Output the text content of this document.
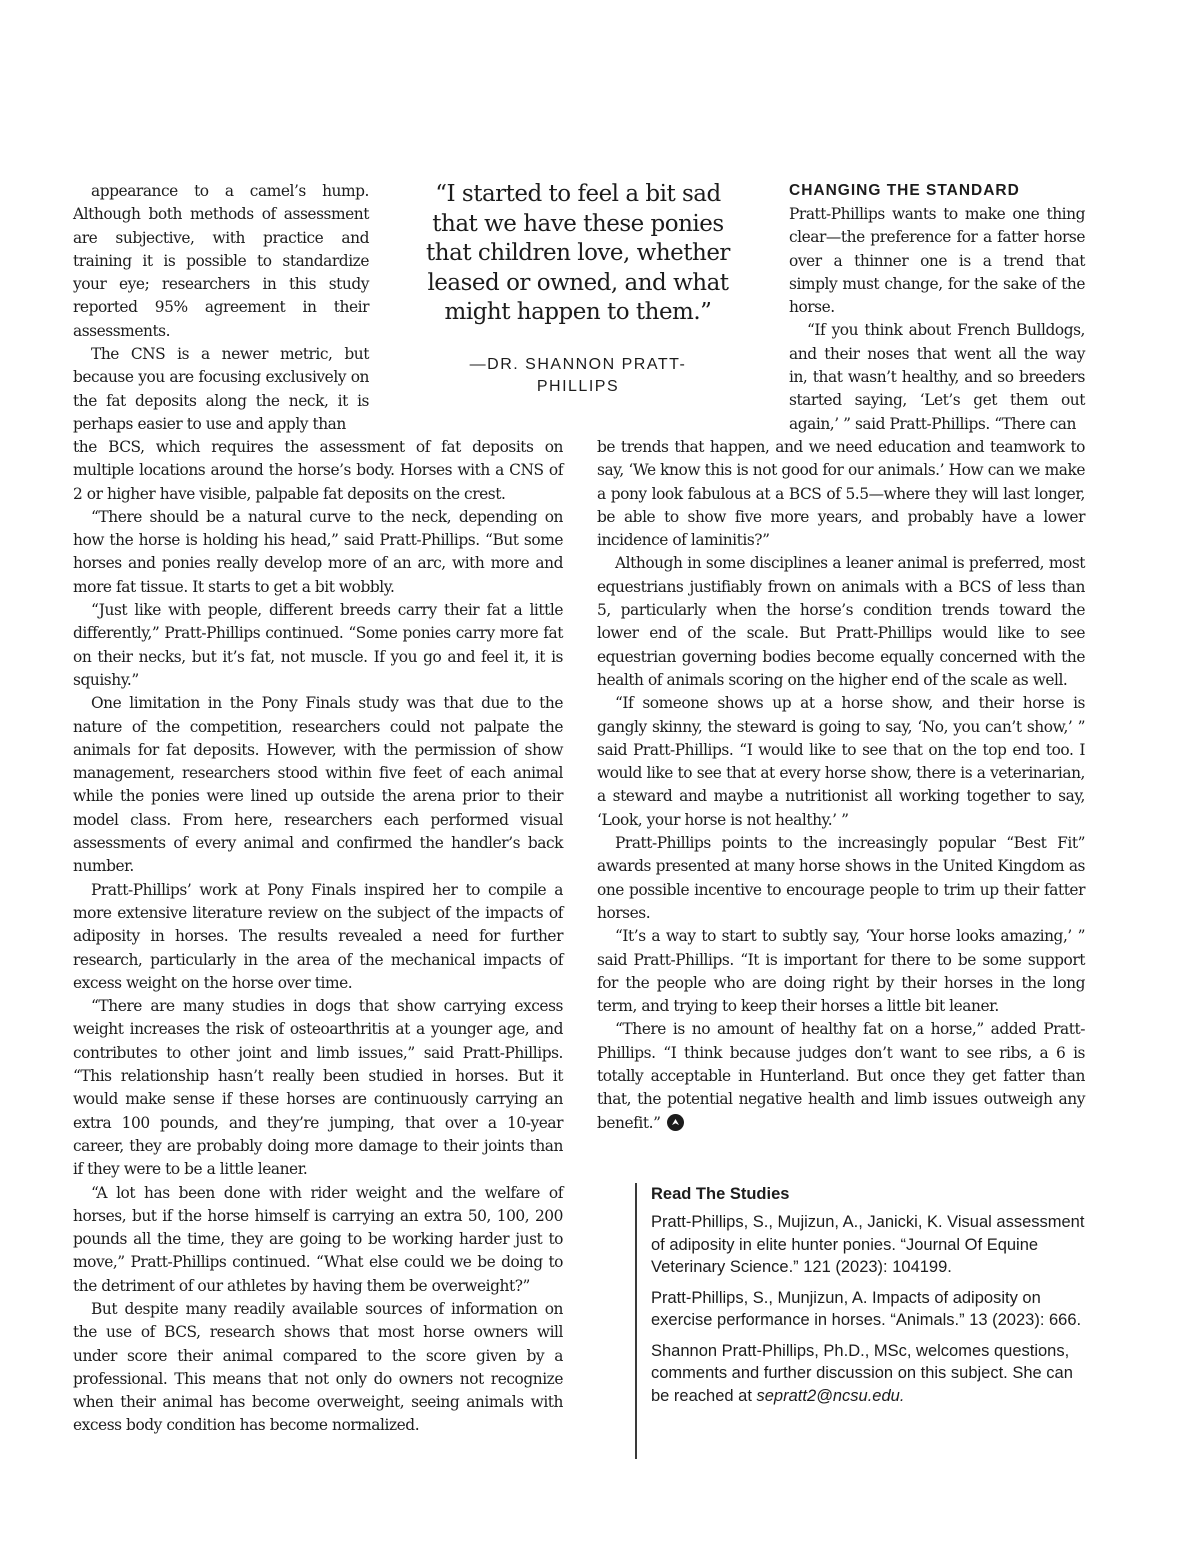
appearance to a camel’s hump. Although both methods of assessment are subjective, with practice and training it is possible to standardize your eye; researchers in this study reported 95% agreement in their assessments.

The CNS is a newer metric, but because you are focusing exclusively on the fat deposits along the neck, it is perhaps easier to use and apply than

“I started to feel a bit sad that we have these ponies that children love, whether leased or owned, and what might happen to them.”
—DR. SHANNON PRATT-PHILLIPS
CHANGING THE STANDARD

Pratt-Phillips wants to make one thing clear—the preference for a fatter horse over a thinner one is a trend that simply must change, for the sake of the horse.

“If you think about French Bulldogs, and their noses that went all the way in, that wasn’t healthy, and so breeders started saying, ‘Let’s get them out again,’ ” said Pratt-Phillips. “There can

the BCS, which requires the assessment of fat deposits on multiple locations around the horse’s body. Horses with a CNS of 2 or higher have visible, palpable fat deposits on the crest.

“There should be a natural curve to the neck, depending on how the horse is holding his head,” said Pratt-Phillips. “But some horses and ponies really develop more of an arc, with more and more fat tissue. It starts to get a bit wobbly.

“Just like with people, different breeds carry their fat a little differently,” Pratt-Phillips continued. “Some ponies carry more fat on their necks, but it’s fat, not muscle. If you go and feel it, it is squishy.”

One limitation in the Pony Finals study was that due to the nature of the competition, researchers could not palpate the animals for fat deposits. However, with the permission of show management, researchers stood within five feet of each animal while the ponies were lined up outside the arena prior to their model class. From here, researchers each performed visual assessments of every animal and confirmed the handler’s back number.

Pratt-Phillips’ work at Pony Finals inspired her to compile a more extensive literature review on the subject of the impacts of adiposity in horses. The results revealed a need for further research, particularly in the area of the mechanical impacts of excess weight on the horse over time.

“There are many studies in dogs that show carrying excess weight increases the risk of osteoarthritis at a younger age, and contributes to other joint and limb issues,” said Pratt-Phillips. “This relationship hasn’t really been studied in horses. But it would make sense if these horses are continuously carrying an extra 100 pounds, and they’re jumping, that over a 10-year career, they are probably doing more damage to their joints than if they were to be a little leaner.

“A lot has been done with rider weight and the welfare of horses, but if the horse himself is carrying an extra 50, 100, 200 pounds all the time, they are going to be working harder just to move,” Pratt-Phillips continued. “What else could we be doing to the detriment of our athletes by having them be overweight?”

But despite many readily available sources of information on the use of BCS, research shows that most horse owners will under score their animal compared to the score given by a professional. This means that not only do owners not recognize when their animal has become overweight, seeing animals with excess body condition has become normalized.

be trends that happen, and we need education and teamwork to say, ‘We know this is not good for our animals.’ How can we make a pony look fabulous at a BCS of 5.5—where they will last longer, be able to show five more years, and probably have a lower incidence of laminitis?”

Although in some disciplines a leaner animal is preferred, most equestrians justifiably frown on animals with a BCS of less than 5, particularly when the horse’s condition trends toward the lower end of the scale. But Pratt-Phillips would like to see equestrian governing bodies become equally concerned with the health of animals scoring on the higher end of the scale as well.

“If someone shows up at a horse show, and their horse is gangly skinny, the steward is going to say, ‘No, you can’t show,’ ” said Pratt-Phillips. “I would like to see that on the top end too. I would like to see that at every horse show, there is a veterinarian, a steward and maybe a nutritionist all working together to say, ‘Look, your horse is not healthy.’ ”

Pratt-Phillips points to the increasingly popular “Best Fit” awards presented at many horse shows in the United Kingdom as one possible incentive to encourage people to trim up their fatter horses.

“It’s a way to start to subtly say, ‘Your horse looks amazing,’ ” said Pratt-Phillips. “It is important for there to be some support for the people who are doing right by their horses in the long term, and trying to keep their horses a little bit leaner.

“There is no amount of healthy fat on a horse,” added Pratt-Phillips. “I think because judges don’t want to see ribs, a 6 is totally acceptable in Hunterland. But once they get fatter than that, the potential negative health and limb issues outweigh any benefit.”

Read The Studies
Pratt-Phillips, S., Mujizun, A., Janicki, K. Visual assessment of adiposity in elite hunter ponies. “Journal Of Equine Veterinary Science.” 121 (2023): 104199.
Pratt-Phillips, S., Munjizun, A. Impacts of adiposity on exercise performance in horses. “Animals.” 13 (2023): 666.
Shannon Pratt-Phillips, Ph.D., MSc, welcomes questions, comments and further discussion on this subject. She can be reached at sepratt2@ncsu.edu.
